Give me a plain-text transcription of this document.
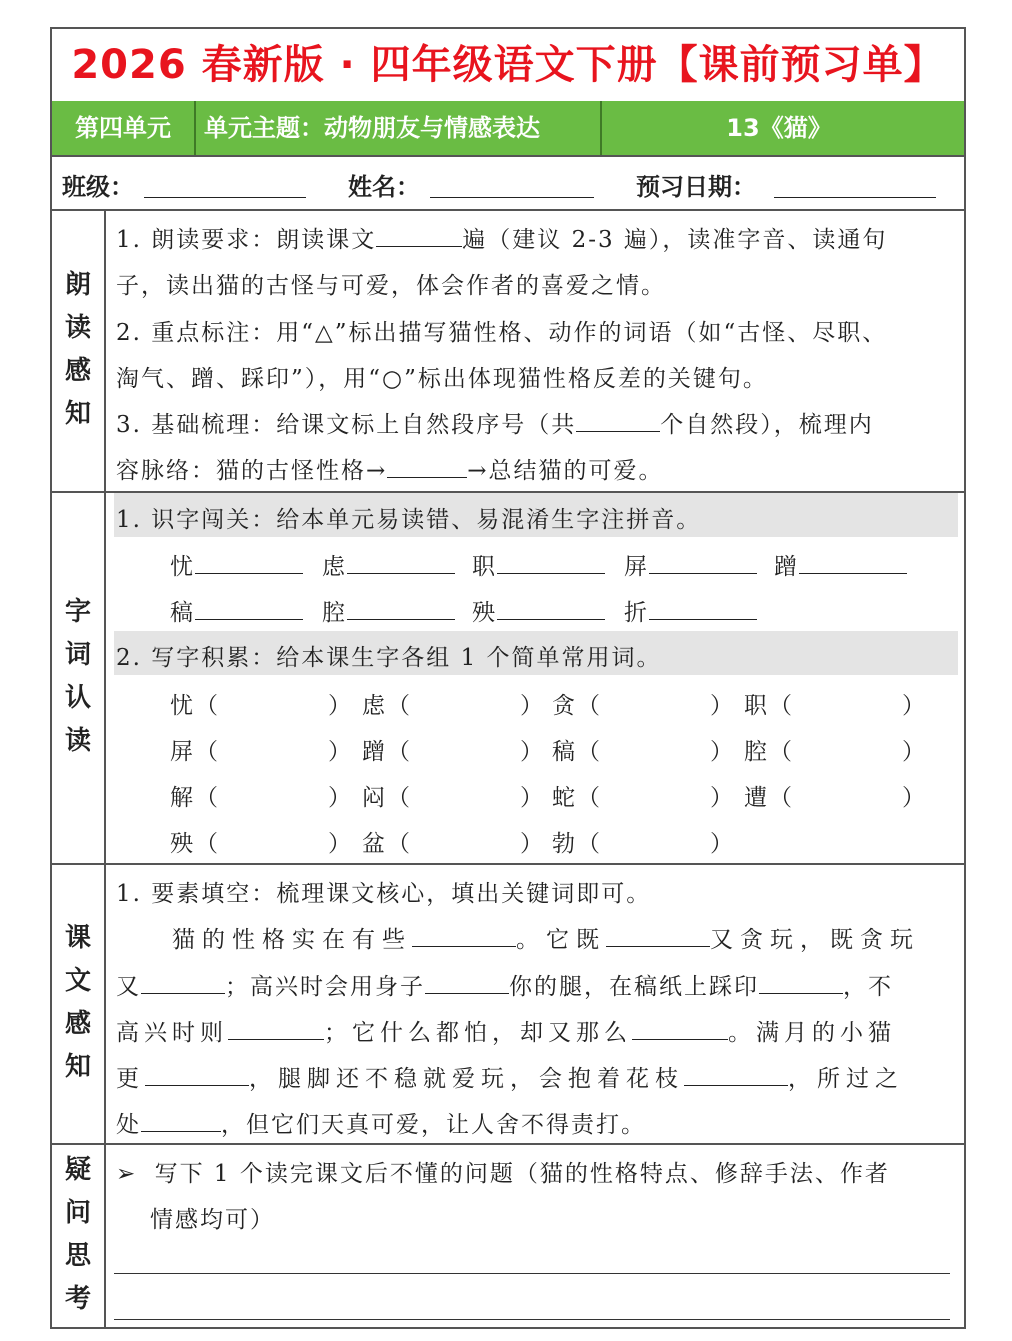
2026 春新版 · 四年级语文下册【课前预习单】
第四单元	单元主题：动物朋友与情感表达	13《猫》
班级：	姓名：	预习日期：
朗
读
感
知
1. 朗读要求：朗读课文	遍（建议 2-3 遍），读准字音、读通句
子，读出猫的古怪与可爱，体会作者的喜爱之情。
2. 重点标注：用“△”标出描写猫性格、动作的词语（如“古怪、尽职、
淘气、蹭、踩印”），用“○”标出体现猫性格反差的关键句。
3. 基础梳理：给课文标上自然段序号（共	个自然段），梳理内
容脉络：猫的古怪性格→	→总结猫的可爱。
字
词
认
读
1. 识字闯关：给本单元易读错、易混淆生字注拼音。
忧	虑	职	屏	蹭
稿	腔	殃	折
2. 写字积累：给本课生字各组 1 个简单常用词。
忧（	） 虑（	） 贪（	） 职（	）
屏（	） 蹭（	） 稿（	） 腔（	）
解（	） 闷（	） 蛇（	） 遭（	）
殃（	） 盆（	） 勃（	）
课
文
感
知
1. 要素填空：梳理课文核心，填出关键词即可。
猫的性格实在有些	。它既	又贪玩，既贪玩
又	；高兴时会用身子	你的腿，在稿纸上踩印	，不
高兴时则	；它什么都怕，却又那么	。满月的小猫
更	，腿脚还不稳就爱玩，会抱着花枝	，所过之
处	，但它们天真可爱，让人舍不得责打。
疑
问
思
考
➢ 写下 1 个读完课文后不懂的问题（猫的性格特点、修辞手法、作者
情感均可）
